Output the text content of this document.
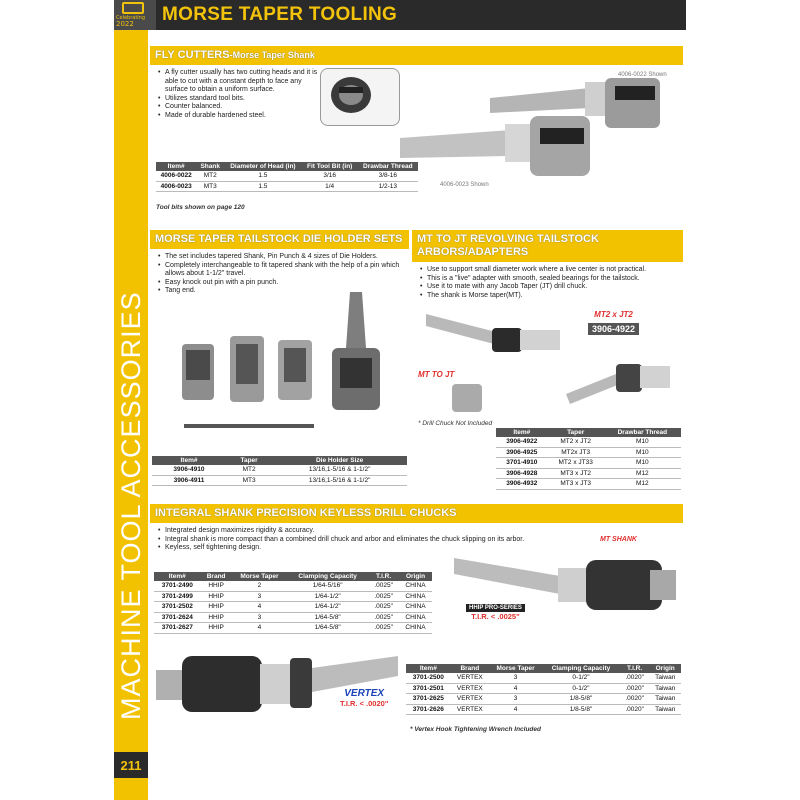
Celebrating
2022 MORSE TAPER TOOLING
MACHINE TOOL ACCESSORIES
211
FLY CUTTERS-Morse Taper Shank
• A fly cutter usually has two cutting heads and it is able to cut with a constant depth to face any surface to obtain a uniform surface.
• Utilizes standard tool bits.
• Counter balanced.
• Made of durable hardened steel.
4006-0022 Shown
4006-0023 Shown
Item#	Shank	Diameter of Head (in)	Fit Tool Bit (in)	Drawbar Thread
4006-0022	MT2	1.5	3/16	3/8-16
4006-0023	MT3	1.5	1/4	1/2-13
Tool bits shown on page 120
MORSE TAPER TAILSTOCK DIE HOLDER SETS
• The set includes tapered Shank, Pin Punch & 4 sizes of Die Holders.
• Completely interchangeable to fit tapered shank with the help of a pin which allows about 1-1/2" travel.
• Easy knock out pin with a pin punch.
• Tang end.
Item#	Taper	Die Holder Size
3906-4910	MT2	13/16,1-5/16 & 1-1/2"
3906-4911	MT3	13/16,1-5/16 & 1-1/2"
MT TO JT REVOLVING TAILSTOCK ARBORS/ADAPTERS
• Use to support small diameter work where a live center is not practical.
• This is a "live" adapter with smooth, sealed bearings for the tailstock.
• Use it to mate with any Jacob Taper (JT) drill chuck.
• The shank is Morse taper(MT).
MT2 x JT2
3906-4922
MT TO JT
* Drill Chuck Not Included
Item#	Taper	Drawbar Thread
3906-4922	MT2 x JT2	M10
3906-4925	MT2x JT3	M10
3701-4910	MT2 x JT33	M10
3906-4928	MT3 x JT2	M12
3906-4932	MT3 x JT3	M12
INTEGRAL SHANK PRECISION KEYLESS DRILL CHUCKS
• Integrated design maximizes rigidity & accuracy.
• Integral shank is more compact than a combined drill chuck and arbor and eliminates the chuck slipping on its arbor.
• Keyless, self tightening design.
MT SHANK
Item#	Brand	Morse Taper	Clamping Capacity	T.I.R.	Origin
3701-2490	HHIP	2	1/64-5/16"	.0025"	CHINA
3701-2499	HHIP	3	1/64-1/2"	.0025"	CHINA
3701-2502	HHIP	4	1/64-1/2"	.0025"	CHINA
3701-2624	HHIP	3	1/64-5/8"	.0025"	CHINA
3701-2627	HHIP	4	1/64-5/8"	.0025"	CHINA
HHIP PRO-SERIES
T.I.R. < .0025"
VERTEX
T.I.R. < .0020"
Item#	Brand	Morse Taper	Clamping Capacity	T.I.R.	Origin
3701-2500	VERTEX	3	0-1/2"	.0020"	Taiwan
3701-2501	VERTEX	4	0-1/2"	.0020"	Taiwan
3701-2625	VERTEX	3	1/8-5/8"	.0020"	Taiwan
3701-2626	VERTEX	4	1/8-5/8"	.0020"	Taiwan
* Vertex Hook Tightening Wrench Included
